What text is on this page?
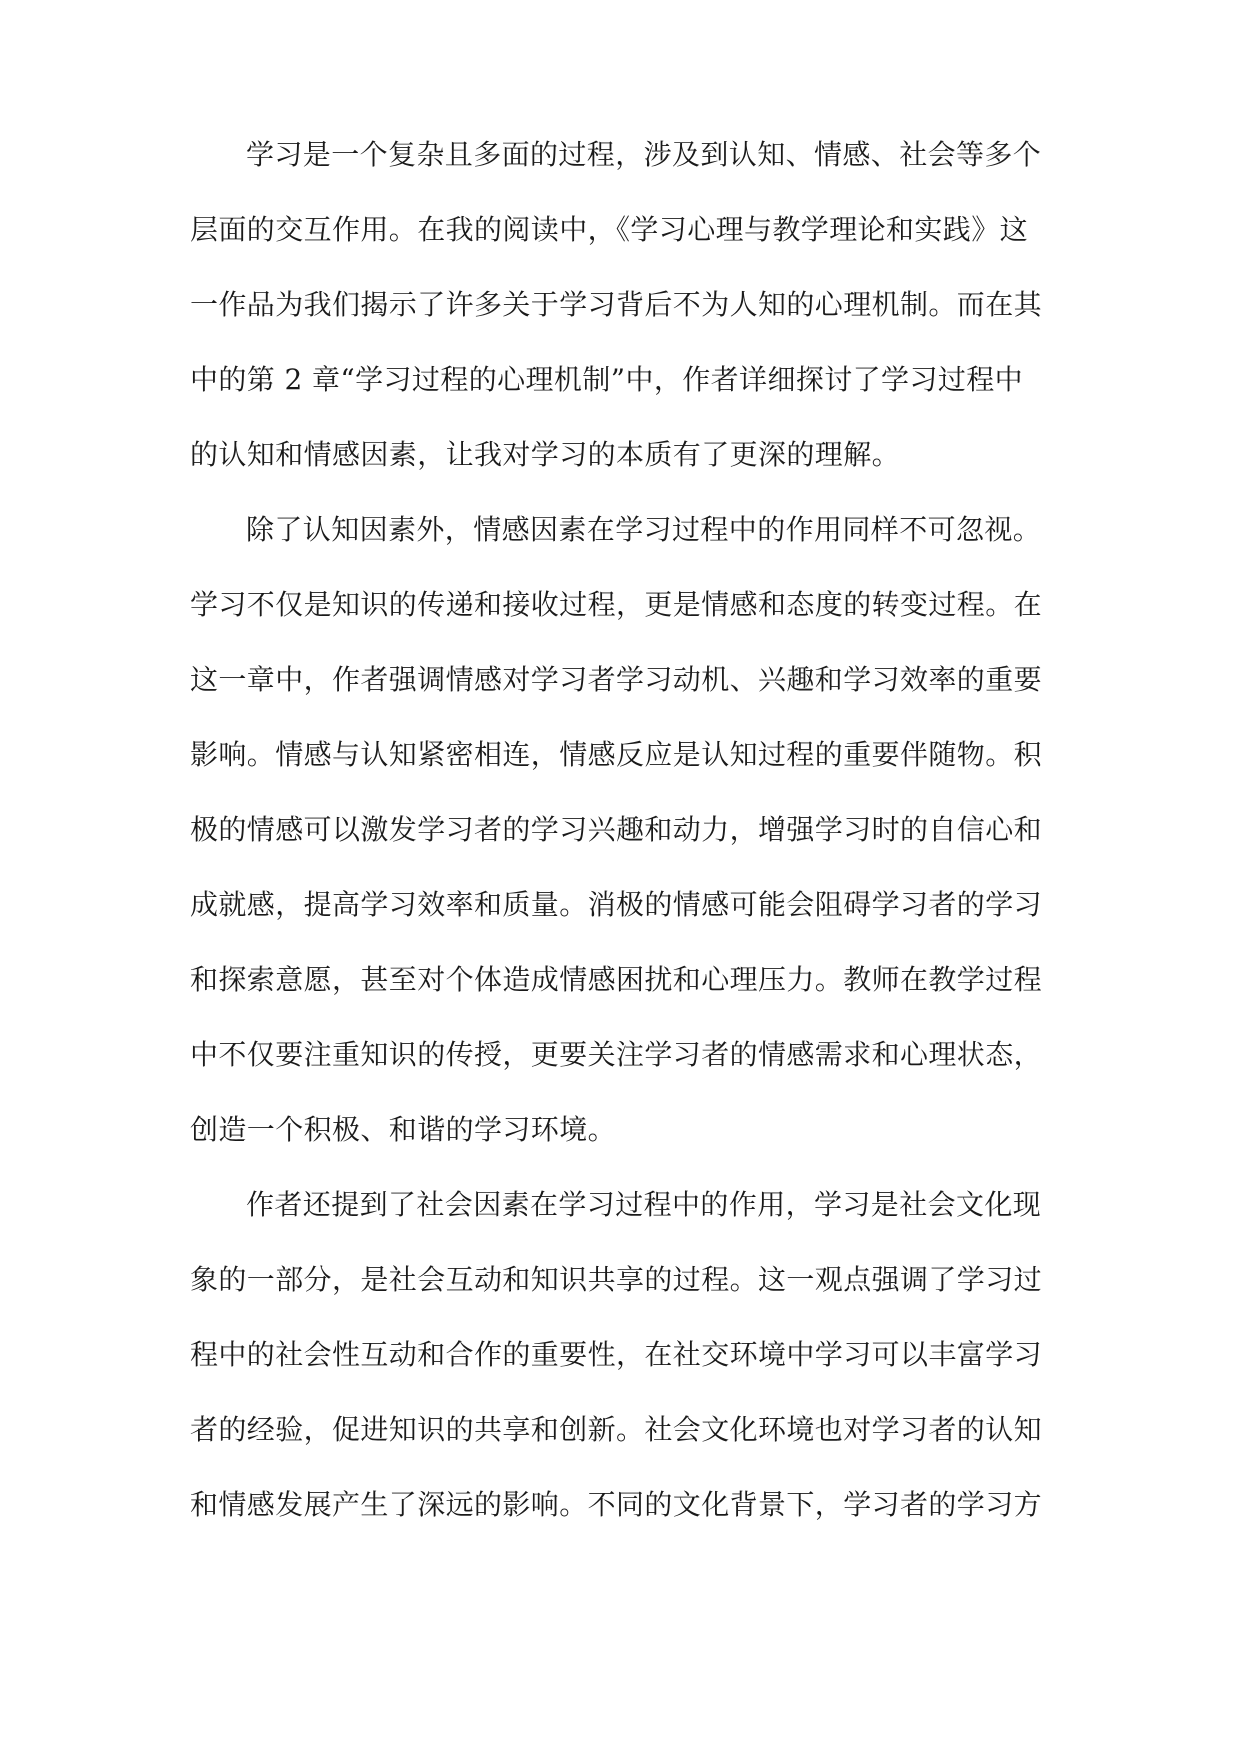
学习是一个复杂且多面的过程，涉及到认知、情感、社会等多个

层面的交互作用。在我的阅读中，《学习心理与教学理论和实践》这

一作品为我们揭示了许多关于学习背后不为人知的心理机制。而在其

中的第 2 章“学习过程的心理机制”中，作者详细探讨了学习过程中

的认知和情感因素，让我对学习的本质有了更深的理解。

除了认知因素外，情感因素在学习过程中的作用同样不可忽视。

学习不仅是知识的传递和接收过程，更是情感和态度的转变过程。在

这一章中，作者强调情感对学习者学习动机、兴趣和学习效率的重要

影响。情感与认知紧密相连，情感反应是认知过程的重要伴随物。积

极的情感可以激发学习者的学习兴趣和动力，增强学习时的自信心和

成就感，提高学习效率和质量。消极的情感可能会阻碍学习者的学习

和探索意愿，甚至对个体造成情感困扰和心理压力。教师在教学过程

中不仅要注重知识的传授，更要关注学习者的情感需求和心理状态，

创造一个积极、和谐的学习环境。

作者还提到了社会因素在学习过程中的作用，学习是社会文化现

象的一部分，是社会互动和知识共享的过程。这一观点强调了学习过

程中的社会性互动和合作的重要性，在社交环境中学习可以丰富学习

者的经验，促进知识的共享和创新。社会文化环境也对学习者的认知

和情感发展产生了深远的影响。不同的文化背景下，学习者的学习方
